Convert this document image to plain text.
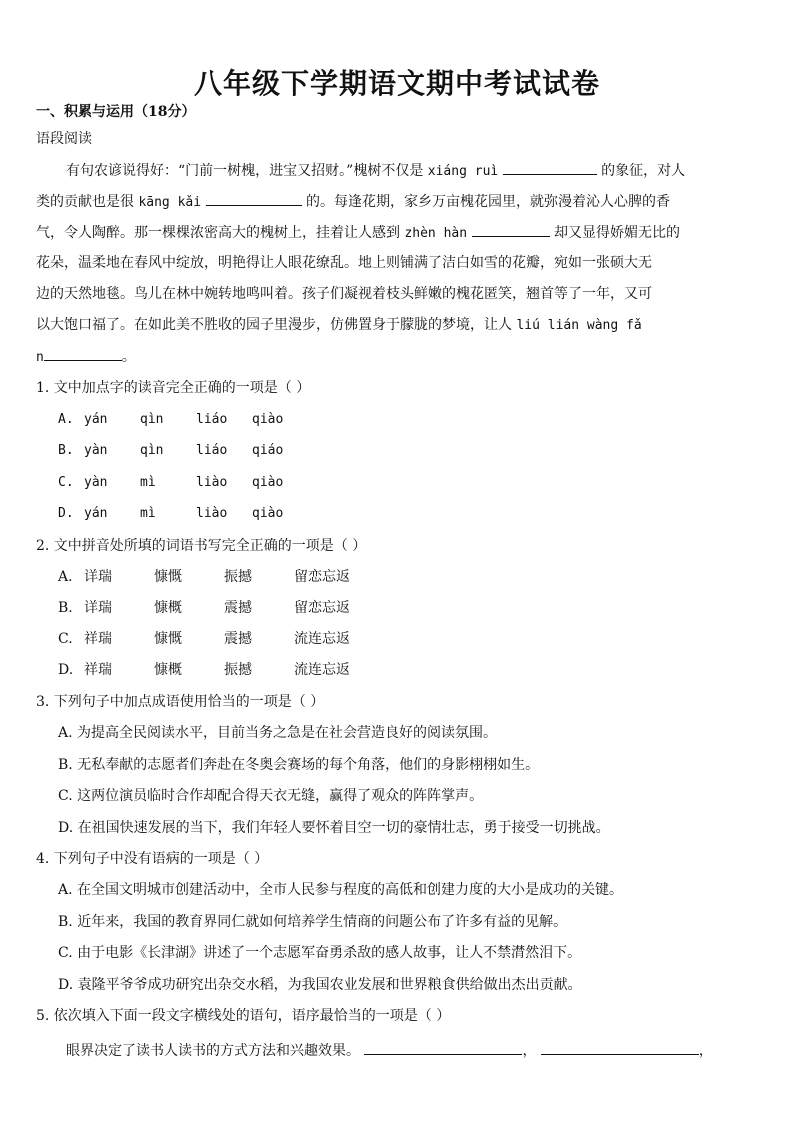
八年级下学期语文期中考试试卷
一、积累与运用（18分）
语段阅读
有句农谚说得好：“门前一树槐，进宝又招财。”槐树不仅是 xiáng ruì	的象征，对人
类的贡献也是很 kāng kǎi	的。每逢花期，家乡万亩槐花园里，就弥漫着沁人心脾的香
气，令人陶醉。那一棵棵浓密高大的槐树上，挂着让人感到 zhèn hàn	却又显得娇媚无比的
花朵，温柔地在春风中绽放，明艳得让人眼花缭乱。地上则铺满了洁白如雪的花瓣，宛如一张硕大无
边的天然地毯。鸟儿在林中婉转地鸣叫着。孩子们凝视着枝头鲜嫩的槐花匿笑，翘首等了一年，又可
以大饱口福了。在如此美不胜收的园子里漫步，仿佛置身于朦胧的梦境，让人 liú lián wàng fǎ
n	。
1. 文中加点字的读音完全正确的一项是（ ）
A. yán	qìn	liáo qiào
B. yàn	qìn	liáo qiáo
C. yàn	mì	liào qiào
D. yán	mì	liào qiào
2. 文中拼音处所填的词语书写完全正确的一项是（ ）
A. 详瑞	慷慨	振撼	留恋忘返
B. 详瑞	慷概	震撼	留恋忘返
C. 祥瑞	慷慨	震撼	流连忘返
D. 祥瑞	慷概	振撼	流连忘返
3. 下列句子中加点成语使用恰当的一项是（ ）
A. 为提高全民阅读水平，目前当务之急是在社会营造良好的阅读氛围。
B. 无私奉献的志愿者们奔赴在冬奥会赛场的每个角落，他们的身影栩栩如生。
C. 这两位演员临时合作却配合得天衣无缝，赢得了观众的阵阵掌声。
D. 在祖国快速发展的当下，我们年轻人要怀着目空一切的豪情壮志，勇于接受一切挑战。
4. 下列句子中没有语病的一项是（ ）
A. 在全国文明城市创建活动中，全市人民参与程度的高低和创建力度的大小是成功的关键。
B. 近年来，我国的教育界同仁就如何培养学生情商的问题公布了许多有益的见解。
C. 由于电影《长津湖》讲述了一个志愿军奋勇杀敌的感人故事，让人不禁潸然泪下。
D. 袁隆平爷爷成功研究出杂交水稻，为我国农业发展和世界粮食供给做出杰出贡献。
5. 依次填入下面一段文字横线处的语句，语序最恰当的一项是（ ）
眼界决定了读书人读书的方式方法和兴趣效果。	，	，
